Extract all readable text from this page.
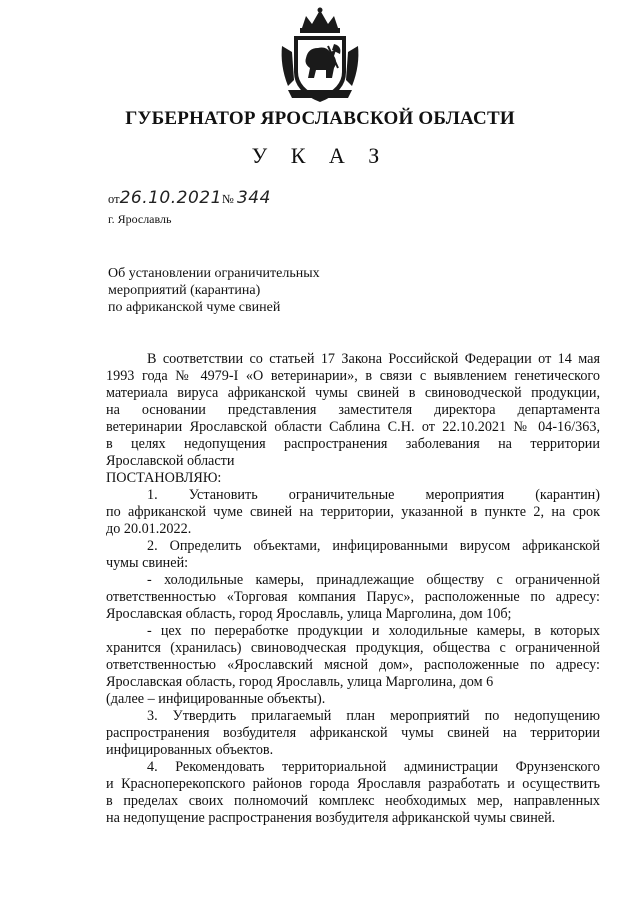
ГУБЕРНАТОР ЯРОСЛАВСКОЙ ОБЛАСТИ
У К А З
от26.10.2021№ 344
г. Ярославль
Об установлении ограничительных
мероприятий (карантина)
по африканской чуме свиней
В соответствии со статьей 17 Закона Российской Федерации от 14 мая
1993 года № 4979-I «О ветеринарии», в связи с выявлением генетического
материала вируса африканской чумы свиней в свиноводческой продукции,
на основании представления заместителя директора департамента
ветеринарии Ярославской области Саблина С.Н. от 22.10.2021 № 04-16/363,
в целях недопущения распространения заболевания на территории
Ярославской области
ПОСТАНОВЛЯЮ:
1. Установить ограничительные мероприятия (карантин)
по африканской чуме свиней на территории, указанной в пункте 2, на срок
до 20.01.2022.
2. Определить объектами, инфицированными вирусом африканской
чумы свиней:
- холодильные камеры, принадлежащие обществу с ограниченной
ответственностью «Торговая компания Парус», расположенные по адресу:
Ярославская область, город Ярославль, улица Марголина, дом 10б;
- цех по переработке продукции и холодильные камеры, в которых
хранится (хранилась) свиноводческая продукция, общества с ограниченной
ответственностью «Ярославский мясной дом», расположенные по адресу:
Ярославская область, город Ярославль, улица Марголина, дом 6
(далее – инфицированные объекты).
3. Утвердить прилагаемый план мероприятий по недопущению
распространения возбудителя африканской чумы свиней на территории
инфицированных объектов.
4. Рекомендовать территориальной администрации Фрунзенского
и Красноперекопского районов города Ярославля разработать и осуществить
в пределах своих полномочий комплекс необходимых мер, направленных
на недопущение распространения возбудителя африканской чумы свиней.
